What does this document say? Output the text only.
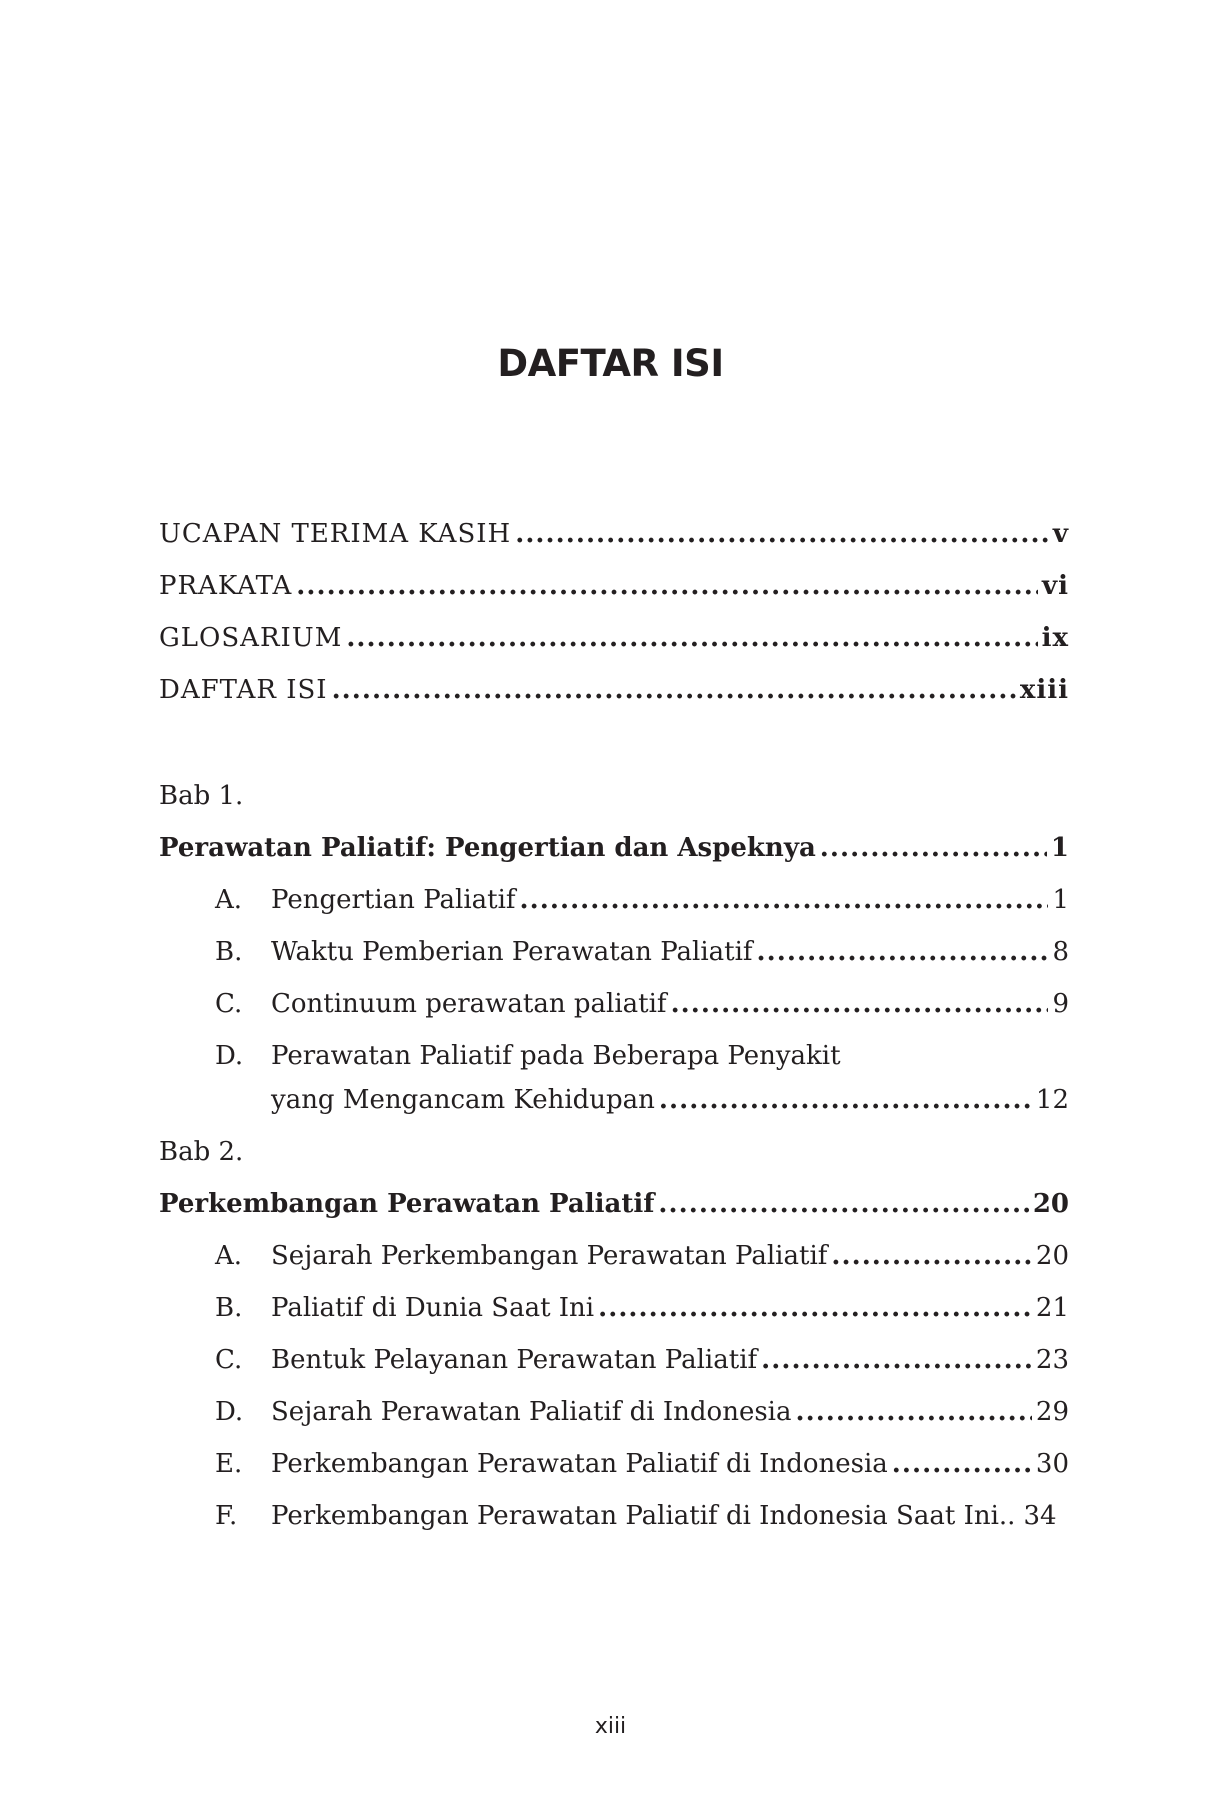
DAFTAR ISI
UCAPAN TERIMA KASIH . . .	v
PRAKATA . . .	vi
GLOSARIUM . . .	ix
DAFTAR ISI . . .	xiii
Bab 1.
Perawatan Paliatif: Pengertian dan Aspeknya . . .	1
A.	Pengertian Paliatif . . .	1
B.	Waktu Pemberian Perawatan Paliatif . . .	8
C.	Continuum perawatan paliatif . . .	9
D. Perawatan Paliatif pada Beberapa Penyakit
yang Mengancam Kehidupan . . .	12
Bab 2.
Perkembangan Perawatan Paliatif . . .	20
A.	Sejarah Perkembangan Perawatan Paliatif . . .	20
B.	Paliatif di Dunia Saat Ini . . .	21
C.	Bentuk Pelayanan Perawatan Paliatif . . .	23
D.	Sejarah Perawatan Paliatif di Indonesia . . .	29
E.	Perkembangan Perawatan Paliatif di Indonesia . . .	30
F.	Perkembangan Perawatan Paliatif di Indonesia Saat Ini.. 34
xiii
